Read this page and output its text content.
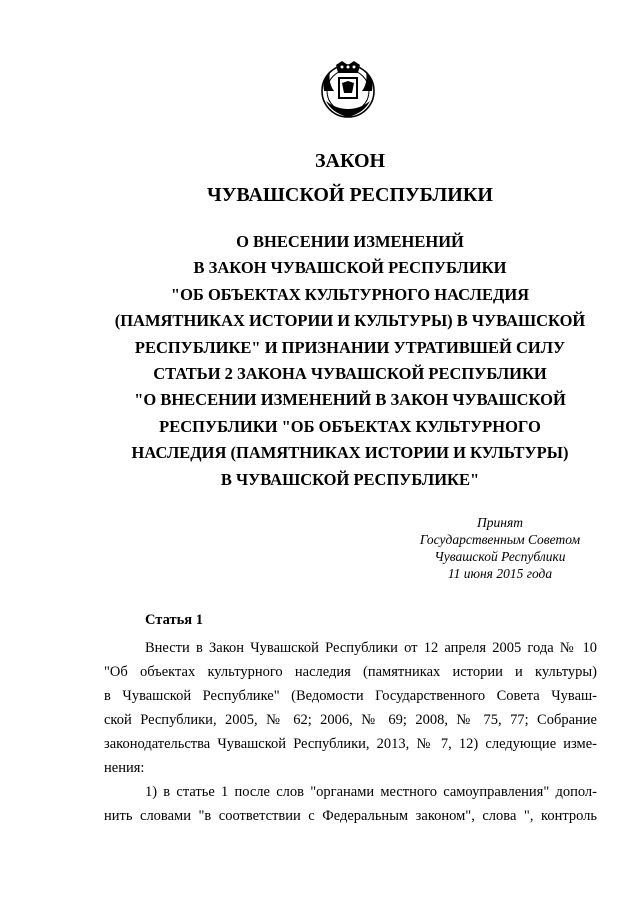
ЗАКОН
ЧУВАШСКОЙ РЕСПУБЛИКИ
О ВНЕСЕНИИ ИЗМЕНЕНИЙ
В ЗАКОН ЧУВАШСКОЙ РЕСПУБЛИКИ
"ОБ ОБЪЕКТАХ КУЛЬТУРНОГО НАСЛЕДИЯ
(ПАМЯТНИКАХ ИСТОРИИ И КУЛЬТУРЫ) В ЧУВАШСКОЙ
РЕСПУБЛИКЕ" И ПРИЗНАНИИ УТРАТИВШЕЙ СИЛУ
СТАТЬИ 2 ЗАКОНА ЧУВАШСКОЙ РЕСПУБЛИКИ
"О ВНЕСЕНИИ ИЗМЕНЕНИЙ В ЗАКОН ЧУВАШСКОЙ
РЕСПУБЛИКИ "ОБ ОБЪЕКТАХ КУЛЬТУРНОГО
НАСЛЕДИЯ (ПАМЯТНИКАХ ИСТОРИИ И КУЛЬТУРЫ)
В ЧУВАШСКОЙ РЕСПУБЛИКЕ"
Принят
Государственным Советом
Чувашской Республики
11 июня 2015 года
Статья 1
Внести в Закон Чувашской Республики от 12 апреля 2005 года № 10
"Об объектах культурного наследия (памятниках истории и культуры)
в Чувашской Республике" (Ведомости Государственного Совета Чуваш-
ской Республики, 2005, № 62; 2006, № 69; 2008, № 75, 77; Собрание
законодательства Чувашской Республики, 2013, № 7, 12) следующие изме-
нения:
1) в статье 1 после слов "органами местного самоуправления" допол-
нить словами "в соответствии с Федеральным законом", слова ", контроль
